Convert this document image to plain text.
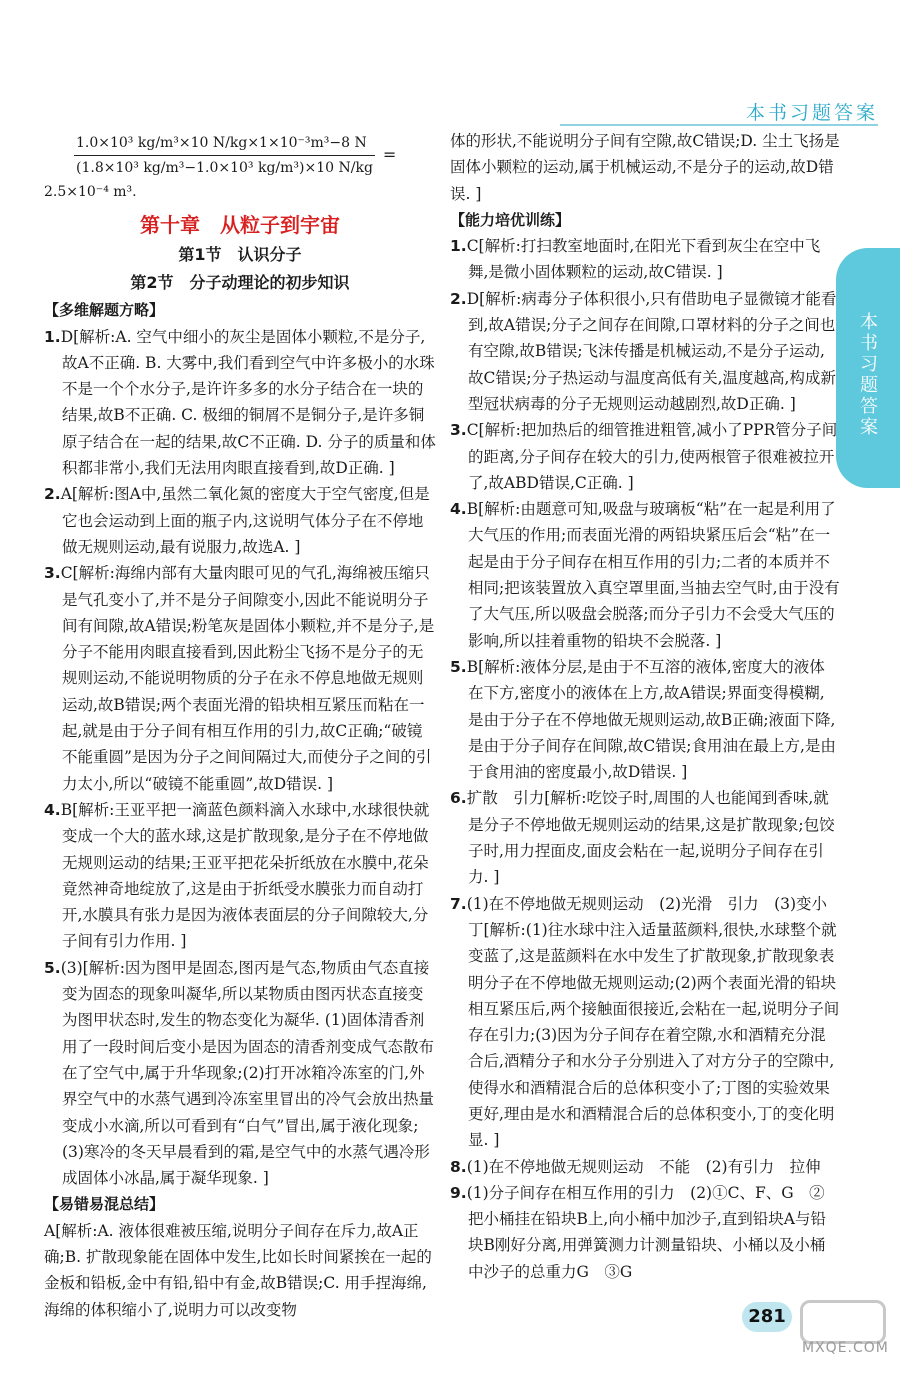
本书习题答案
本书习题答案
$\frac{\text{1.0×10³ kg/m³×10 N/kg×1×10⁻³m³−8 N}}{\text{(1.8×10³ kg/m³−1.0×10³ kg/m³)×10 N/kg}}$ =

2.5×10⁻⁴ m³.

第十章　从粒子到宇宙
第1节　认识分子
第2节　分子动理论的初步知识

【多维解题方略】

1.D[解析:A. 空气中细小的灰尘是固体小颗粒,不是分子,故A不正确. B. 大雾中,我们看到空气中许多极小的水珠不是一个个水分子,是许许多多的水分子结合在一块的结果,故B不正确. C. 极细的铜屑不是铜分子,是许多铜原子结合在一起的结果,故C不正确. D. 分子的质量和体积都非常小,我们无法用肉眼直接看到,故D正确. ]

2.A[解析:图A中,虽然二氧化氮的密度大于空气密度,但是它也会运动到上面的瓶子内,这说明气体分子在不停地做无规则运动,最有说服力,故选A. ]

3.C[解析:海绵内部有大量肉眼可见的气孔,海绵被压缩只是气孔变小了,并不是分子间隙变小,因此不能说明分子间有间隙,故A错误;粉笔灰是固体小颗粒,并不是分子,是分子不能用肉眼直接看到,因此粉尘飞扬不是分子的无规则运动,不能说明物质的分子在永不停息地做无规则运动,故B错误;两个表面光滑的铅块相互紧压而粘在一起,就是由于分子间有相互作用的引力,故C正确;“破镜不能重圆”是因为分子之间间隔过大,而使分子之间的引力太小,所以“破镜不能重圆”,故D错误. ]

4.B[解析:王亚平把一滴蓝色颜料滴入水球中,水球很快就变成一个大的蓝水球,这是扩散现象,是分子在不停地做无规则运动的结果;王亚平把花朵折纸放在水膜中,花朵竟然神奇地绽放了,这是由于折纸受水膜张力而自动打开,水膜具有张力是因为液体表面层的分子间隙较大,分子间有引力作用. ]

5.(3)[解析:因为图甲是固态,图丙是气态,物质由气态直接变为固态的现象叫凝华,所以某物质由图丙状态直接变为图甲状态时,发生的物态变化为凝华. (1)固体清香剂用了一段时间后变小是因为固态的清香剂变成气态散布在了空气中,属于升华现象;(2)打开冰箱冷冻室的门,外界空气中的水蒸气遇到冷冻室里冒出的冷气会放出热量变成小水滴,所以可看到有“白气”冒出,属于液化现象;(3)寒冷的冬天早晨看到的霜,是空气中的水蒸气遇冷形成固体小冰晶,属于凝华现象. ]

【易错易混总结】

A[解析:A. 液体很难被压缩,说明分子间存在斥力,故A正确;B. 扩散现象能在固体中发生,比如长时间紧挨在一起的金板和铅板,金中有铅,铅中有金,故B错误;C. 用手捏海绵,海绵的体积缩小了,说明力可以改变物

体的形状,不能说明分子间有空隙,故C错误;D. 尘土飞扬是固体小颗粒的运动,属于机械运动,不是分子的运动,故D错误. ]

【能力培优训练】

1.C[解析:打扫教室地面时,在阳光下看到灰尘在空中飞舞,是微小固体颗粒的运动,故C错误. ]

2.D[解析:病毒分子体积很小,只有借助电子显微镜才能看到,故A错误;分子之间存在间隙,口罩材料的分子之间也有空隙,故B错误;飞沫传播是机械运动,不是分子运动,故C错误;分子热运动与温度高低有关,温度越高,构成新型冠状病毒的分子无规则运动越剧烈,故D正确. ]

3.C[解析:把加热后的细管推进粗管,减小了PPR管分子间的距离,分子间存在较大的引力,使两根管子很难被拉开了,故ABD错误,C正确. ]

4.B[解析:由题意可知,吸盘与玻璃板“粘”在一起是利用了大气压的作用;而表面光滑的两铅块紧压后会“粘”在一起是由于分子间存在相互作用的引力;二者的本质并不相同;把该装置放入真空罩里面,当抽去空气时,由于没有了大气压,所以吸盘会脱落;而分子引力不会受大气压的影响,所以挂着重物的铅块不会脱落. ]

5.B[解析:液体分层,是由于不互溶的液体,密度大的液体在下方,密度小的液体在上方,故A错误;界面变得模糊,是由于分子在不停地做无规则运动,故B正确;液面下降,是由于分子间存在间隙,故C错误;食用油在最上方,是由于食用油的密度最小,故D错误. ]

6.扩散　引力[解析:吃饺子时,周围的人也能闻到香味,就是分子不停地做无规则运动的结果,这是扩散现象;包饺子时,用力捏面皮,面皮会粘在一起,说明分子间存在引力. ]

7.(1)在不停地做无规则运动　(2)光滑　引力　(3)变小　丁[解析:(1)往水球中注入适量蓝颜料,很快,水球整个就变蓝了,这是蓝颜料在水中发生了扩散现象,扩散现象表明分子在不停地做无规则运动;(2)两个表面光滑的铅块相互紧压后,两个接触面很接近,会粘在一起,说明分子间存在引力;(3)因为分子间存在着空隙,水和酒精充分混合后,酒精分子和水分子分别进入了对方分子的空隙中,使得水和酒精混合后的总体积变小了;丁图的实验效果更好,理由是水和酒精混合后的总体积变小,丁的变化明显. ]

8.(1)在不停地做无规则运动　不能　(2)有引力　拉伸

9.(1)分子间存在相互作用的引力　(2)①C、F、G　②把小桶挂在铅块B上,向小桶中加沙子,直到铅块A与铅块B刚好分离,用弹簧测力计测量铅块、小桶以及小桶中沙子的总重力G　③G

281
MXQE.COM
